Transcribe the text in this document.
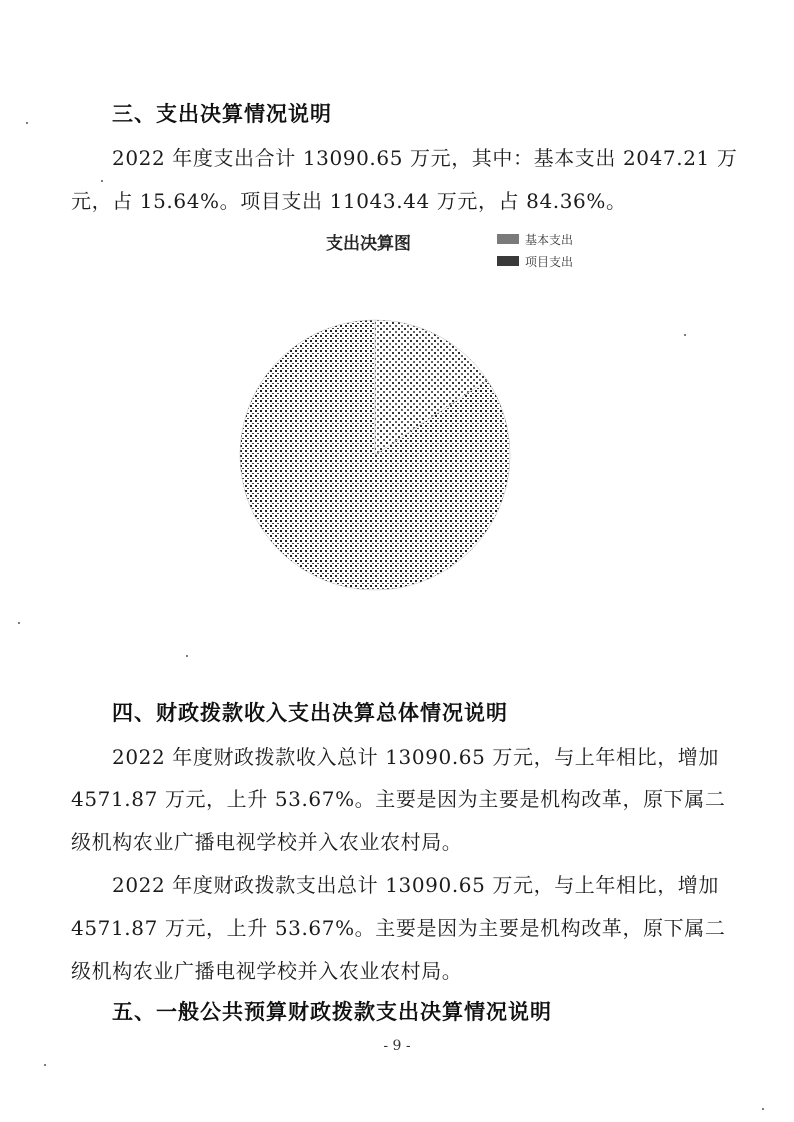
三、支出决算情况说明
2022 年度支出合计 13090.65 万元，其中：基本支出 2047.21 万
元，占 15.64%。项目支出 11043.44 万元，占 84.36%。
支出决算图	基本支出
项目支出
四、财政拨款收入支出决算总体情况说明
2022 年度财政拨款收入总计 13090.65 万元，与上年相比，增加
4571.87 万元，上升 53.67%。主要是因为主要是机构改革，原下属二
级机构农业广播电视学校并入农业农村局。
2022 年度财政拨款支出总计 13090.65 万元，与上年相比，增加
4571.87 万元，上升 53.67%。主要是因为主要是机构改革，原下属二
级机构农业广播电视学校并入农业农村局。
五、一般公共预算财政拨款支出决算情况说明
- 9 -
